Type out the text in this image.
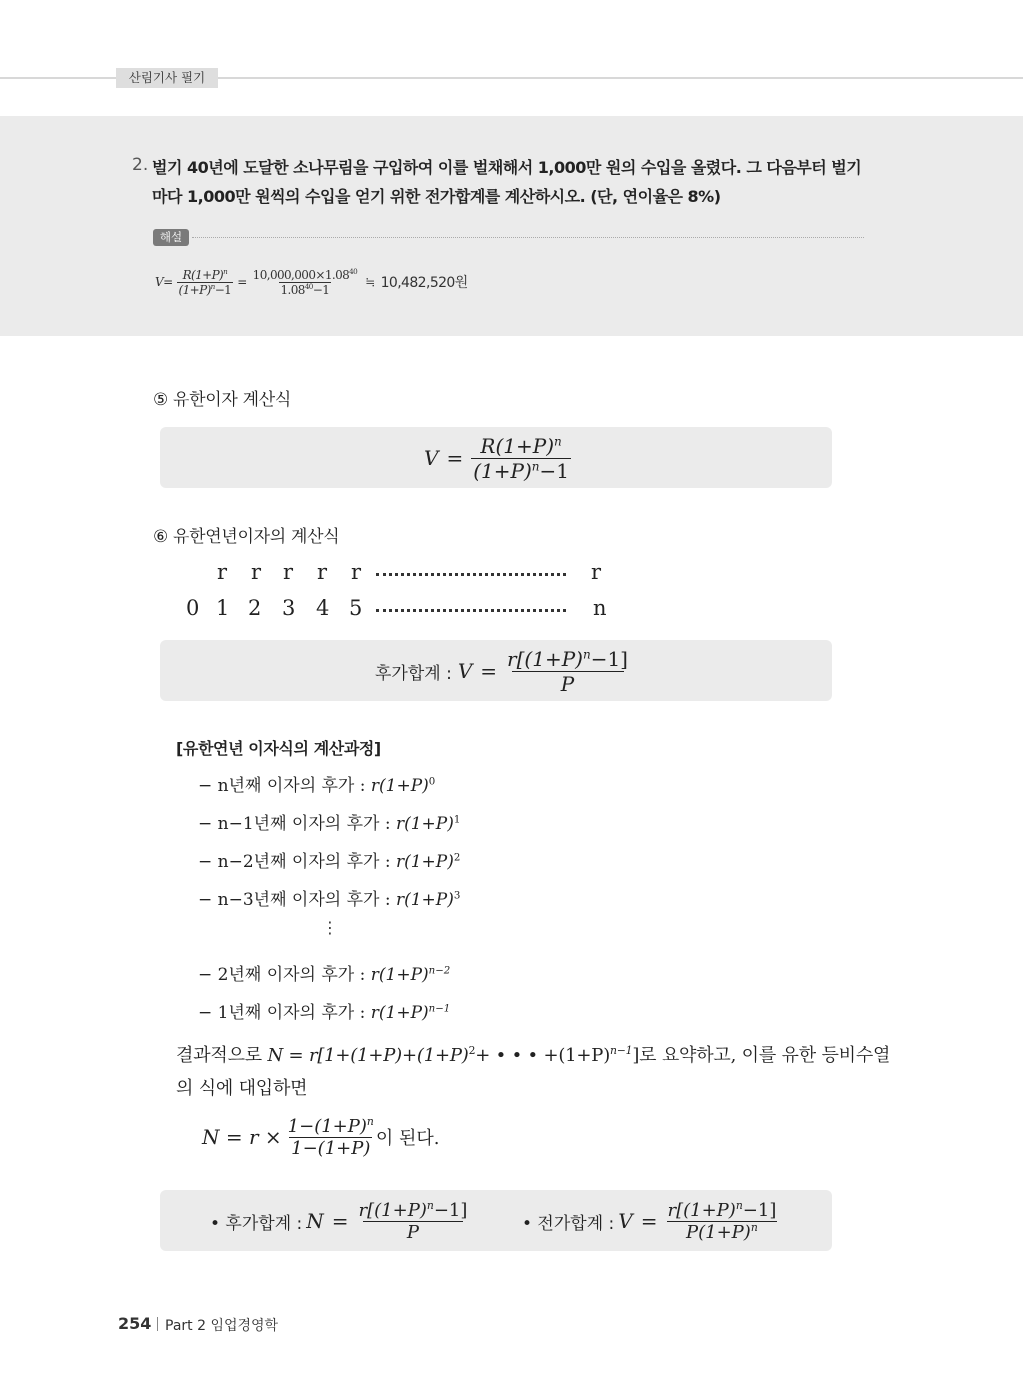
산림기사 필기
2. 벌기 40년에 도달한 소나무림을 구입하여 이를 벌채해서 1,000만 원의 수입을 올렸다. 그 다음부터 벌기
마다 1,000만 원씩의 수입을 얻기 위한 전가합계를 계산하시오. (단, 연이율은 8%)
해설
$V= \frac{R(1+P)^n}{(1+P)^n-1} = \frac{10,000,000\times 1.08^{40}}{1.08^{40}-1}$ ≒ 10,482,520원
⑤ 유한이자 계산식
$V = \frac{R(1+P)^n}{(1+P)^n-1}$
⑥ 유한연년이자의 계산식
r r r r r	r
0 1 2 3 4 5	n
후가합계 : $V = \frac{r[(1+P)^n-1]}{P}$
[유한연년 이자식의 계산과정]
− n년째 이자의 후가 : $r(1+P)^0$
− n−1년째 이자의 후가 : $r(1+P)^1$
− n−2년째 이자의 후가 : $r(1+P)^2$
− n−3년째 이자의 후가 : $r(1+P)^3$
⋮
− 2년째 이자의 후가 : $r(1+P)^{n-2}$
− 1년째 이자의 후가 : $r(1+P)^{n-1}$
결과적으로 $N = r[1+(1+P)+(1+P)^2+$ • • • $+(1+P)^{n-1}$]로 요약하고, 이를 유한 등비수열
의 식에 대입하면
$N = r \times \frac{1-(1+P)^n}{1-(1+P)}$ 이 된다.
• 후가합계 : $N = \frac{r[(1+P)^n-1]}{P}$	• 전가합계 : $V = \frac{r[(1+P)^n-1]}{P(1+P)^n}$
254 Part 2 임업경영학
